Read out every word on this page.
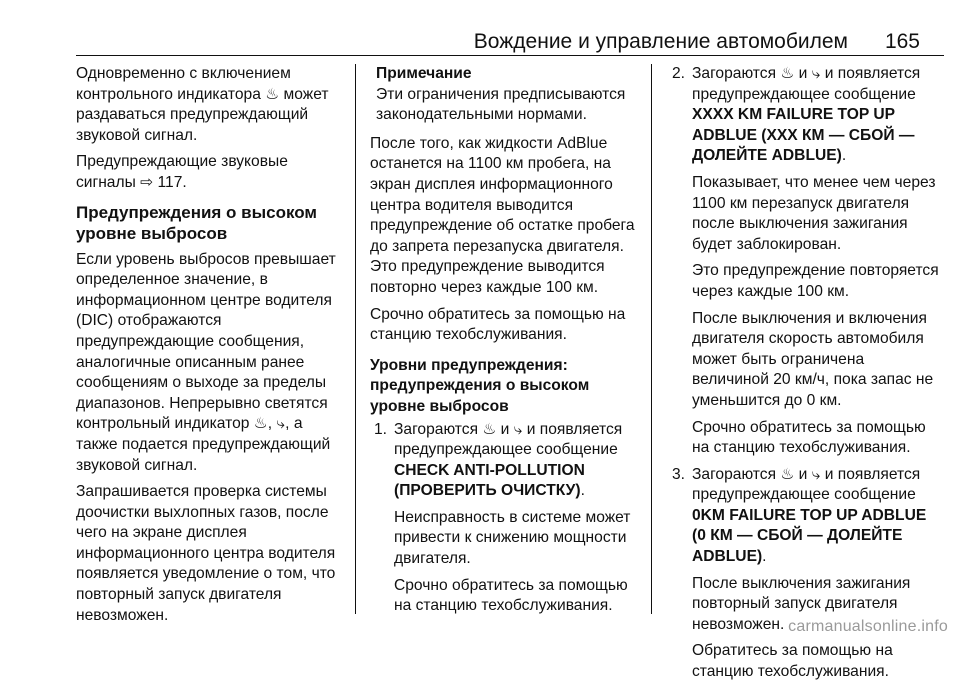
Вождение и управление автомобилем 165

Одновременно с включением контрольного индикатора ♨ может раздаваться предупреждающий звуковой сигнал.

Предупреждающие звуковые сигналы ⇨ 117.

Предупреждения о высоком уровне выбросов

Если уровень выбросов превышает определенное значение, в информационном центре водителя (DIC) отображаются предупреждающие сообщения, аналогичные описанным ранее сообщениям о выходе за пределы диапазонов. Непрерывно светятся контрольный индикатор ♨, ⤷, а также подается предупреждающий звуковой сигнал.

Запрашивается проверка системы доочистки выхлопных газов, после чего на экране дисплея информационного центра водителя появляется уведомление о том, что повторный запуск двигателя невозможен.

Примечание
Эти ограничения предписываются законодательными нормами.

После того, как жидкости AdBlue останется на 1100 км пробега, на экран дисплея информационного центра водителя выводится предупреждение об остатке пробега до запрета перезапуска двигателя. Это предупреждение выводится повторно через каждые 100 км.

Срочно обратитесь за помощью на станцию техобслуживания.

Уровни предупреждения: предупреждения о высоком уровне выбросов
1. Загораются ♨ и ⤷ и появляется предупреждающее сообщение CHECK ANTI-POLLUTION (ПРОВЕРИТЬ ОЧИСТКУ).

Неисправность в системе может привести к снижению мощности двигателя.

Срочно обратитесь за помощью на станцию техобслуживания.

2. Загораются ♨ и ⤷ и появляется предупреждающее сообщение XXXX KM FAILURE TOP UP ADBLUE (XXX КМ — СБОЙ — ДОЛЕЙТЕ ADBLUE).

Показывает, что менее чем через 1100 км перезапуск двигателя после выключения зажигания будет заблокирован.

Это предупреждение повторяется через каждые 100 км.

После выключения и включения двигателя скорость автомобиля может быть ограничена величиной 20 км/ч, пока запас не уменьшится до 0 км.

Срочно обратитесь за помощью на станцию техобслуживания.

3. Загораются ♨ и ⤷ и появляется предупреждающее сообщение 0KM FAILURE TOP UP ADBLUE (0 КМ — СБОЙ — ДОЛЕЙТЕ ADBLUE).

После выключения зажигания повторный запуск двигателя невозможен.

Обратитесь за помощью на станцию техобслуживания.

carmanualsonline.info
